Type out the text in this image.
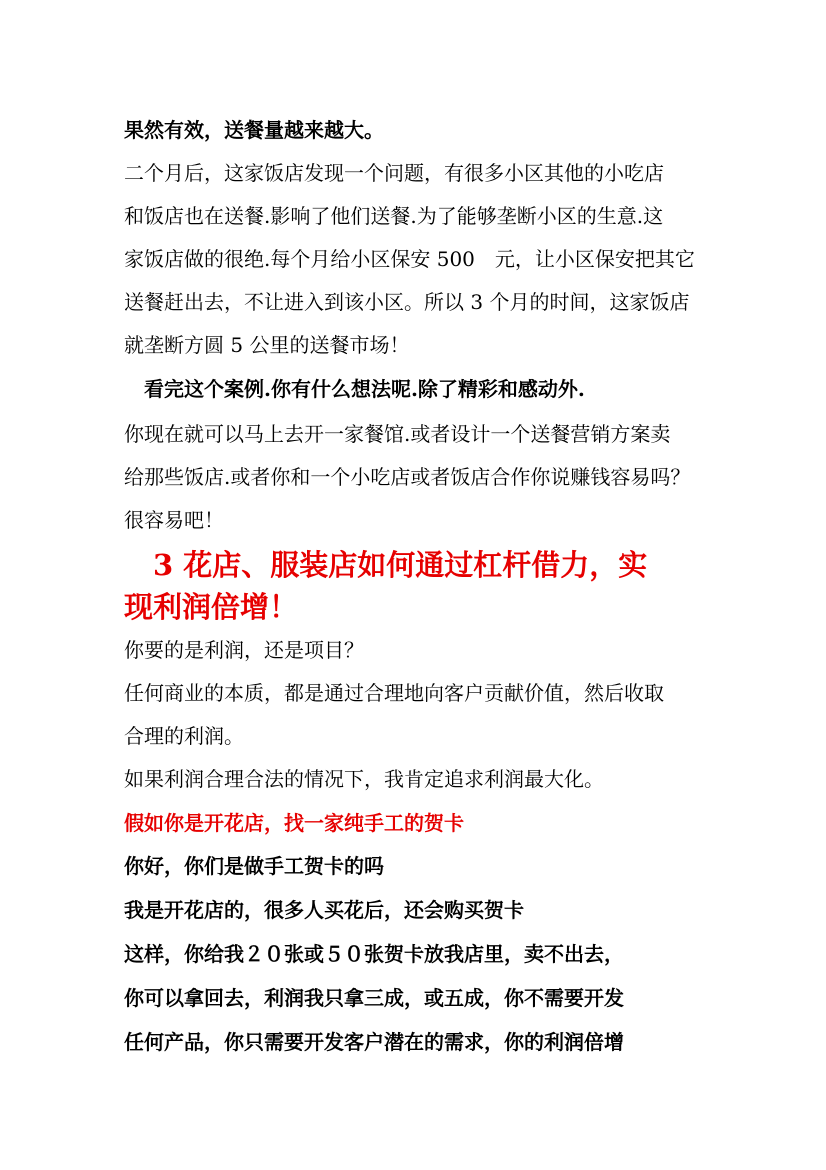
果然有效，送餐量越来越大。
二个月后，这家饭店发现一个问题，有很多小区其他的小吃店
和饭店也在送餐.影响了他们送餐.为了能够垄断小区的生意.这
家饭店做的很绝.每个月给小区保安 500　元，让小区保安把其它
送餐赶出去，不让进入到该小区。所以 3 个月的时间，这家饭店
就垄断方圆 5 公里的送餐市场！
　看完这个案例.你有什么想法呢.除了精彩和感动外.
你现在就可以马上去开一家餐馆.或者设计一个送餐营销方案卖
给那些饭店.或者你和一个小吃店或者饭店合作你说赚钱容易吗？
很容易吧！
　3 花店、服装店如何通过杠杆借力，实
现利润倍增！
你要的是利润，还是项目？
任何商业的本质，都是通过合理地向客户贡献价值，然后收取
合理的利润。
如果利润合理合法的情况下，我肯定追求利润最大化。
假如你是开花店，找一家纯手工的贺卡
你好，你们是做手工贺卡的吗
我是开花店的，很多人买花后，还会购买贺卡
这样，你给我２０张或５０张贺卡放我店里，卖不出去，
你可以拿回去，利润我只拿三成，或五成，你不需要开发
任何产品，你只需要开发客户潜在的需求，你的利润倍增
